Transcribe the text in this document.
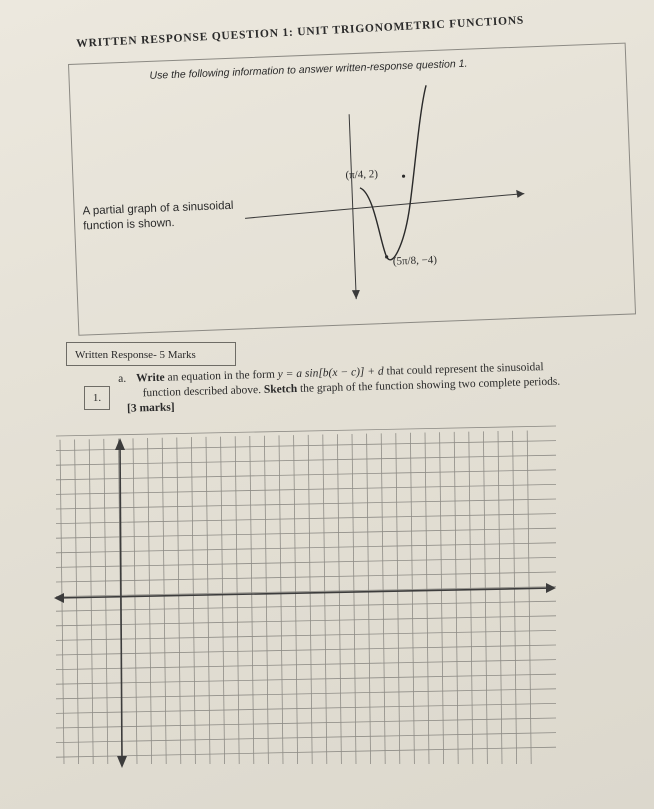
WRITTEN RESPONSE QUESTION 1: UNIT TRIGONOMETRIC FUNCTIONS
Use the following information to answer written-response question 1.
A partial graph of a sinusoidal function is shown.
(π/4, 2)
(5π/8, −4)
Written Response- 5 Marks
1.
a. Write an equation in the form y = a sin[b(x − c)] + d that could represent the sinusoidal
function described above. Sketch the graph of the function showing two complete periods.
[3 marks]
